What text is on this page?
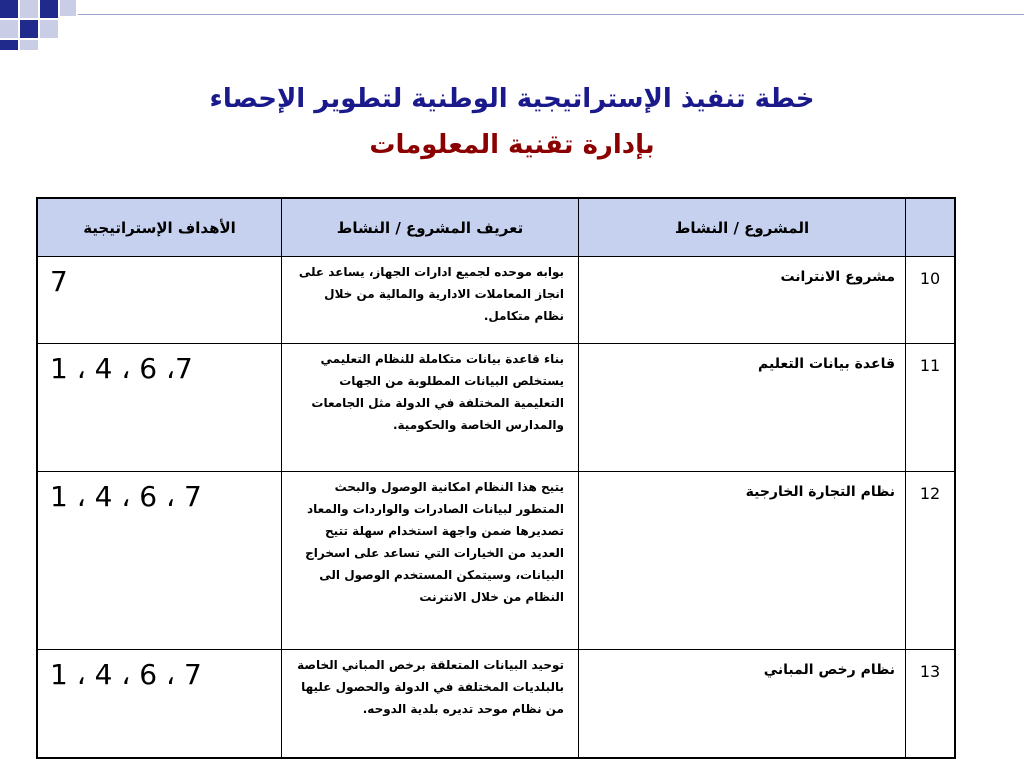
خطة تنفيذ الإستراتيجية الوطنية لتطوير الإحصاء
بإدارة تقنية المعلومات
	المشروع / النشاط	تعريف المشروع / النشاط	الأهداف الإستراتيجية
10	مشروع الانترانت	بوابه موحده لجميع ادارات الجهاز، يساعد على انجاز المعاملات الادارية والمالية من خلال نظام متكامل.	7
11	قاعدة بيانات التعليم	بناء قاعدة بيانات متكاملة للنظام التعليمي يستخلص البيانات المطلوبة من الجهات التعليمية المختلفة في الدولة مثل الجامعات والمدارس الخاصة والحكومية.	1 ، 4 ، 6 ،7
12	نظام التجارة الخارجية	يتيح هذا النظام امكانية الوصول والبحث المتطور لبيانات الصادرات والواردات والمعاد تصديرها ضمن واجهة استخدام سهلة تتيح العديد من الخيارات التي تساعد على اسخراج البيانات، وسيتمكن المستخدم الوصول الى النظام من خلال الانترنت	1 ، 4 ، 6 ، 7
13	نظام رخص المباني	توحيد البيانات المتعلقة برخص المباني الخاصة بالبلديات المختلفة في الدولة والحصول عليها من نظام موحد تديره بلدية الدوحه.	1 ، 4 ، 6 ، 7
